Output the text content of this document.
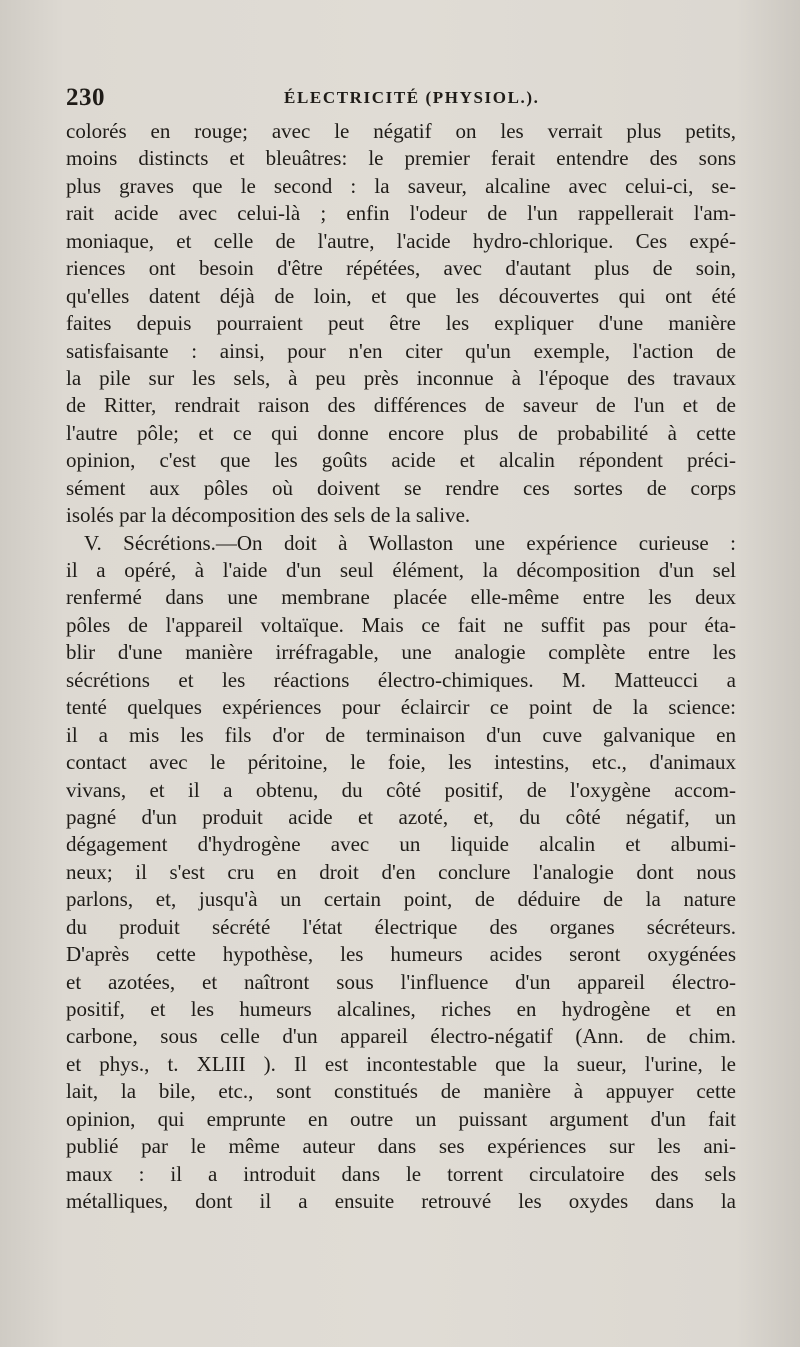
230	ÉLECTRICITÉ (PHYSIOL.).
colorés en rouge; avec le négatif on les verrait plus petits,
moins distincts et bleuâtres: le premier ferait entendre des sons
plus graves que le second : la saveur, alcaline avec celui-ci, se-
rait acide avec celui-là ; enfin l'odeur de l'un rappellerait l'am-
moniaque, et celle de l'autre, l'acide hydro-chlorique. Ces expé-
riences ont besoin d'être répétées, avec d'autant plus de soin,
qu'elles datent déjà de loin, et que les découvertes qui ont été
faites depuis pourraient peut être les expliquer d'une manière
satisfaisante : ainsi, pour n'en citer qu'un exemple, l'action de
la pile sur les sels, à peu près inconnue à l'époque des travaux
de Ritter, rendrait raison des différences de saveur de l'un et de
l'autre pôle; et ce qui donne encore plus de probabilité à cette
opinion, c'est que les goûts acide et alcalin répondent préci-
sément aux pôles où doivent se rendre ces sortes de corps
isolés par la décomposition des sels de la salive.
V. Sécrétions.—On doit à Wollaston une expérience curieuse :
il a opéré, à l'aide d'un seul élément, la décomposition d'un sel
renfermé dans une membrane placée elle-même entre les deux
pôles de l'appareil voltaïque. Mais ce fait ne suffit pas pour éta-
blir d'une manière irréfragable, une analogie complète entre les
sécrétions et les réactions électro-chimiques. M. Matteucci a
tenté quelques expériences pour éclaircir ce point de la science:
il a mis les fils d'or de terminaison d'un cuve galvanique en
contact avec le péritoine, le foie, les intestins, etc., d'animaux
vivans, et il a obtenu, du côté positif, de l'oxygène accom-
pagné d'un produit acide et azoté, et, du côté négatif, un
dégagement d'hydrogène avec un liquide alcalin et albumi-
neux; il s'est cru en droit d'en conclure l'analogie dont nous
parlons, et, jusqu'à un certain point, de déduire de la nature
du produit sécrété l'état électrique des organes sécréteurs.
D'après cette hypothèse, les humeurs acides seront oxygénées
et azotées, et naîtront sous l'influence d'un appareil électro-
positif, et les humeurs alcalines, riches en hydrogène et en
carbone, sous celle d'un appareil électro-négatif (Ann. de chim.
et phys., t. XLIII ). Il est incontestable que la sueur, l'urine, le
lait, la bile, etc., sont constitués de manière à appuyer cette
opinion, qui emprunte en outre un puissant argument d'un fait
publié par le même auteur dans ses expériences sur les ani-
maux : il a introduit dans le torrent circulatoire des sels
métalliques, dont il a ensuite retrouvé les oxydes dans la
